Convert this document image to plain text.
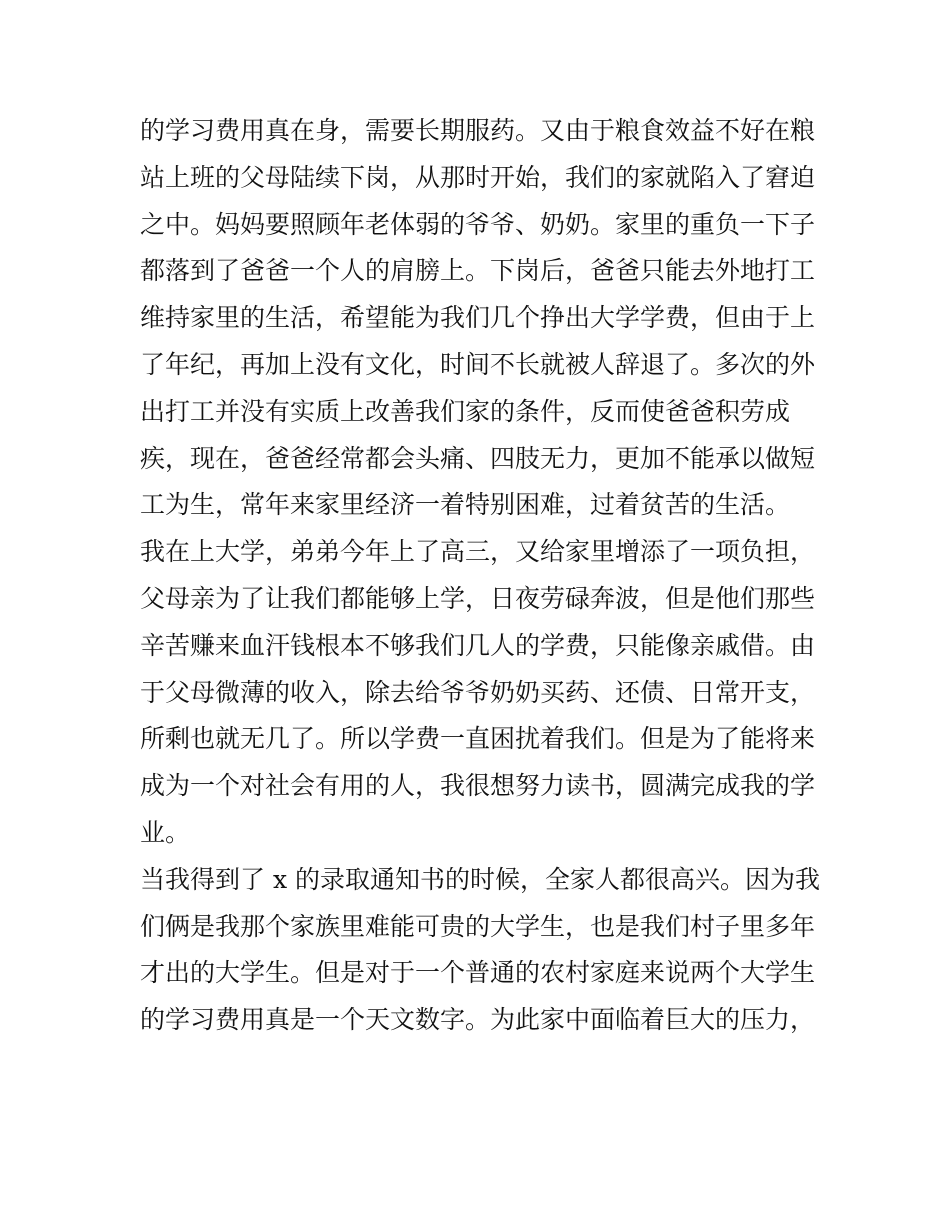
的学习费用真在身，需要长期服药。又由于粮食效益不好在粮
站上班的父母陆续下岗，从那时开始，我们的家就陷入了窘迫
之中。妈妈要照顾年老体弱的爷爷、奶奶。家里的重负一下子
都落到了爸爸一个人的肩膀上。下岗后，爸爸只能去外地打工
维持家里的生活，希望能为我们几个挣出大学学费，但由于上
了年纪，再加上没有文化，时间不长就被人辞退了。多次的外
出打工并没有实质上改善我们家的条件，反而使爸爸积劳成
疾，现在，爸爸经常都会头痛、四肢无力，更加不能承以做短
工为生，常年来家里经济一着特别困难，过着贫苦的生活。
我在上大学，弟弟今年上了高三，又给家里增添了一项负担，
父母亲为了让我们都能够上学，日夜劳碌奔波，但是他们那些
辛苦赚来血汗钱根本不够我们几人的学费，只能像亲戚借。由
于父母微薄的收入，除去给爷爷奶奶买药、还债、日常开支，
所剩也就无几了。所以学费一直困扰着我们。但是为了能将来
成为一个对社会有用的人，我很想努力读书，圆满完成我的学
业。
当我得到了 x 的录取通知书的时候，全家人都很高兴。因为我
们俩是我那个家族里难能可贵的大学生，也是我们村子里多年
才出的大学生。但是对于一个普通的农村家庭来说两个大学生
的学习费用真是一个天文数字。为此家中面临着巨大的压力，
